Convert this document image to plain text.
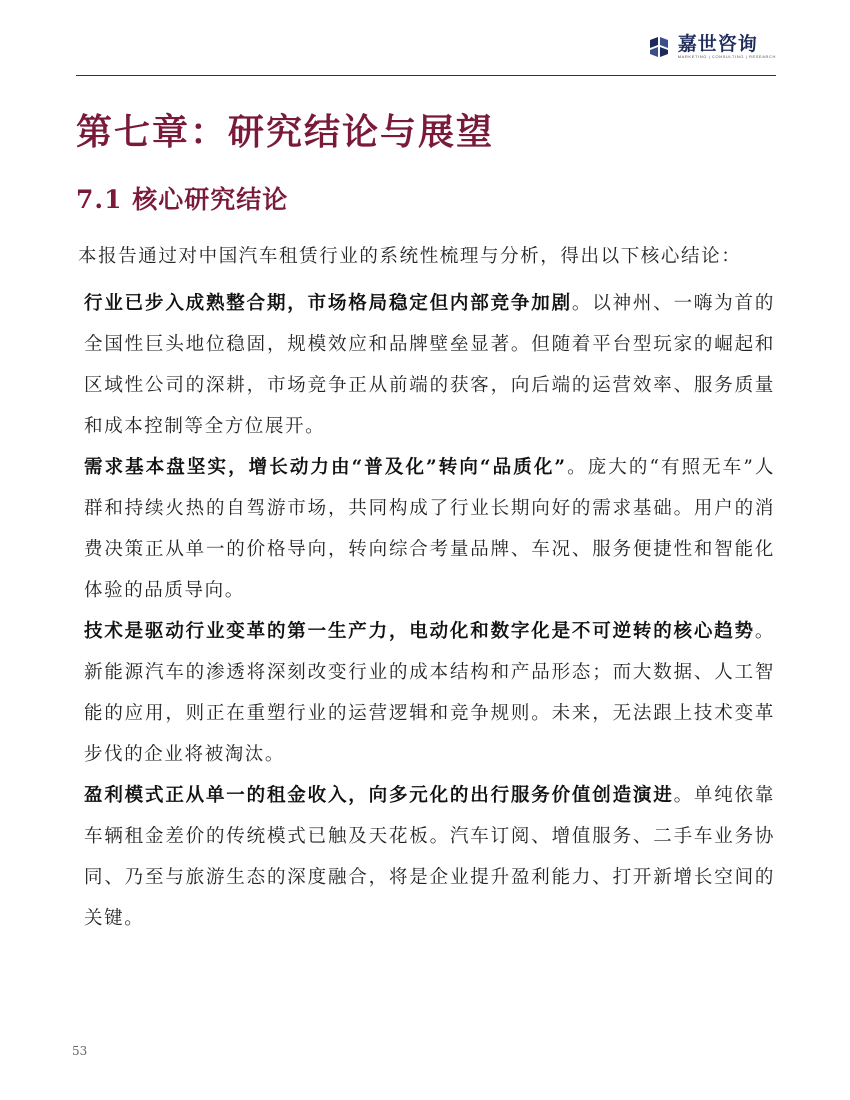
嘉世咨询
MARKETING | CONSULTING | RESEARCH
第七章：研究结论与展望
7.1 核心研究结论

本报告通过对中国汽车租赁行业的系统性梳理与分析，得出以下核心结论：

行业已步入成熟整合期，市场格局稳定但内部竞争加剧。以神州、一嗨为首的全国性巨头地位稳固，规模效应和品牌壁垒显著。但随着平台型玩家的崛起和区域性公司的深耕，市场竞争正从前端的获客，向后端的运营效率、服务质量和成本控制等全方位展开。

需求基本盘坚实，增长动力由“普及化”转向“品质化”。庞大的“有照无车”人群和持续火热的自驾游市场，共同构成了行业长期向好的需求基础。用户的消费决策正从单一的价格导向，转向综合考量品牌、车况、服务便捷性和智能化体验的品质导向。

技术是驱动行业变革的第一生产力，电动化和数字化是不可逆转的核心趋势。新能源汽车的渗透将深刻改变行业的成本结构和产品形态；而大数据、人工智能的应用，则正在重塑行业的运营逻辑和竞争规则。未来，无法跟上技术变革步伐的企业将被淘汰。

盈利模式正从单一的租金收入，向多元化的出行服务价值创造演进。单纯依靠车辆租金差价的传统模式已触及天花板。汽车订阅、增值服务、二手车业务协同、乃至与旅游生态的深度融合，将是企业提升盈利能力、打开新增长空间的关键。

53
